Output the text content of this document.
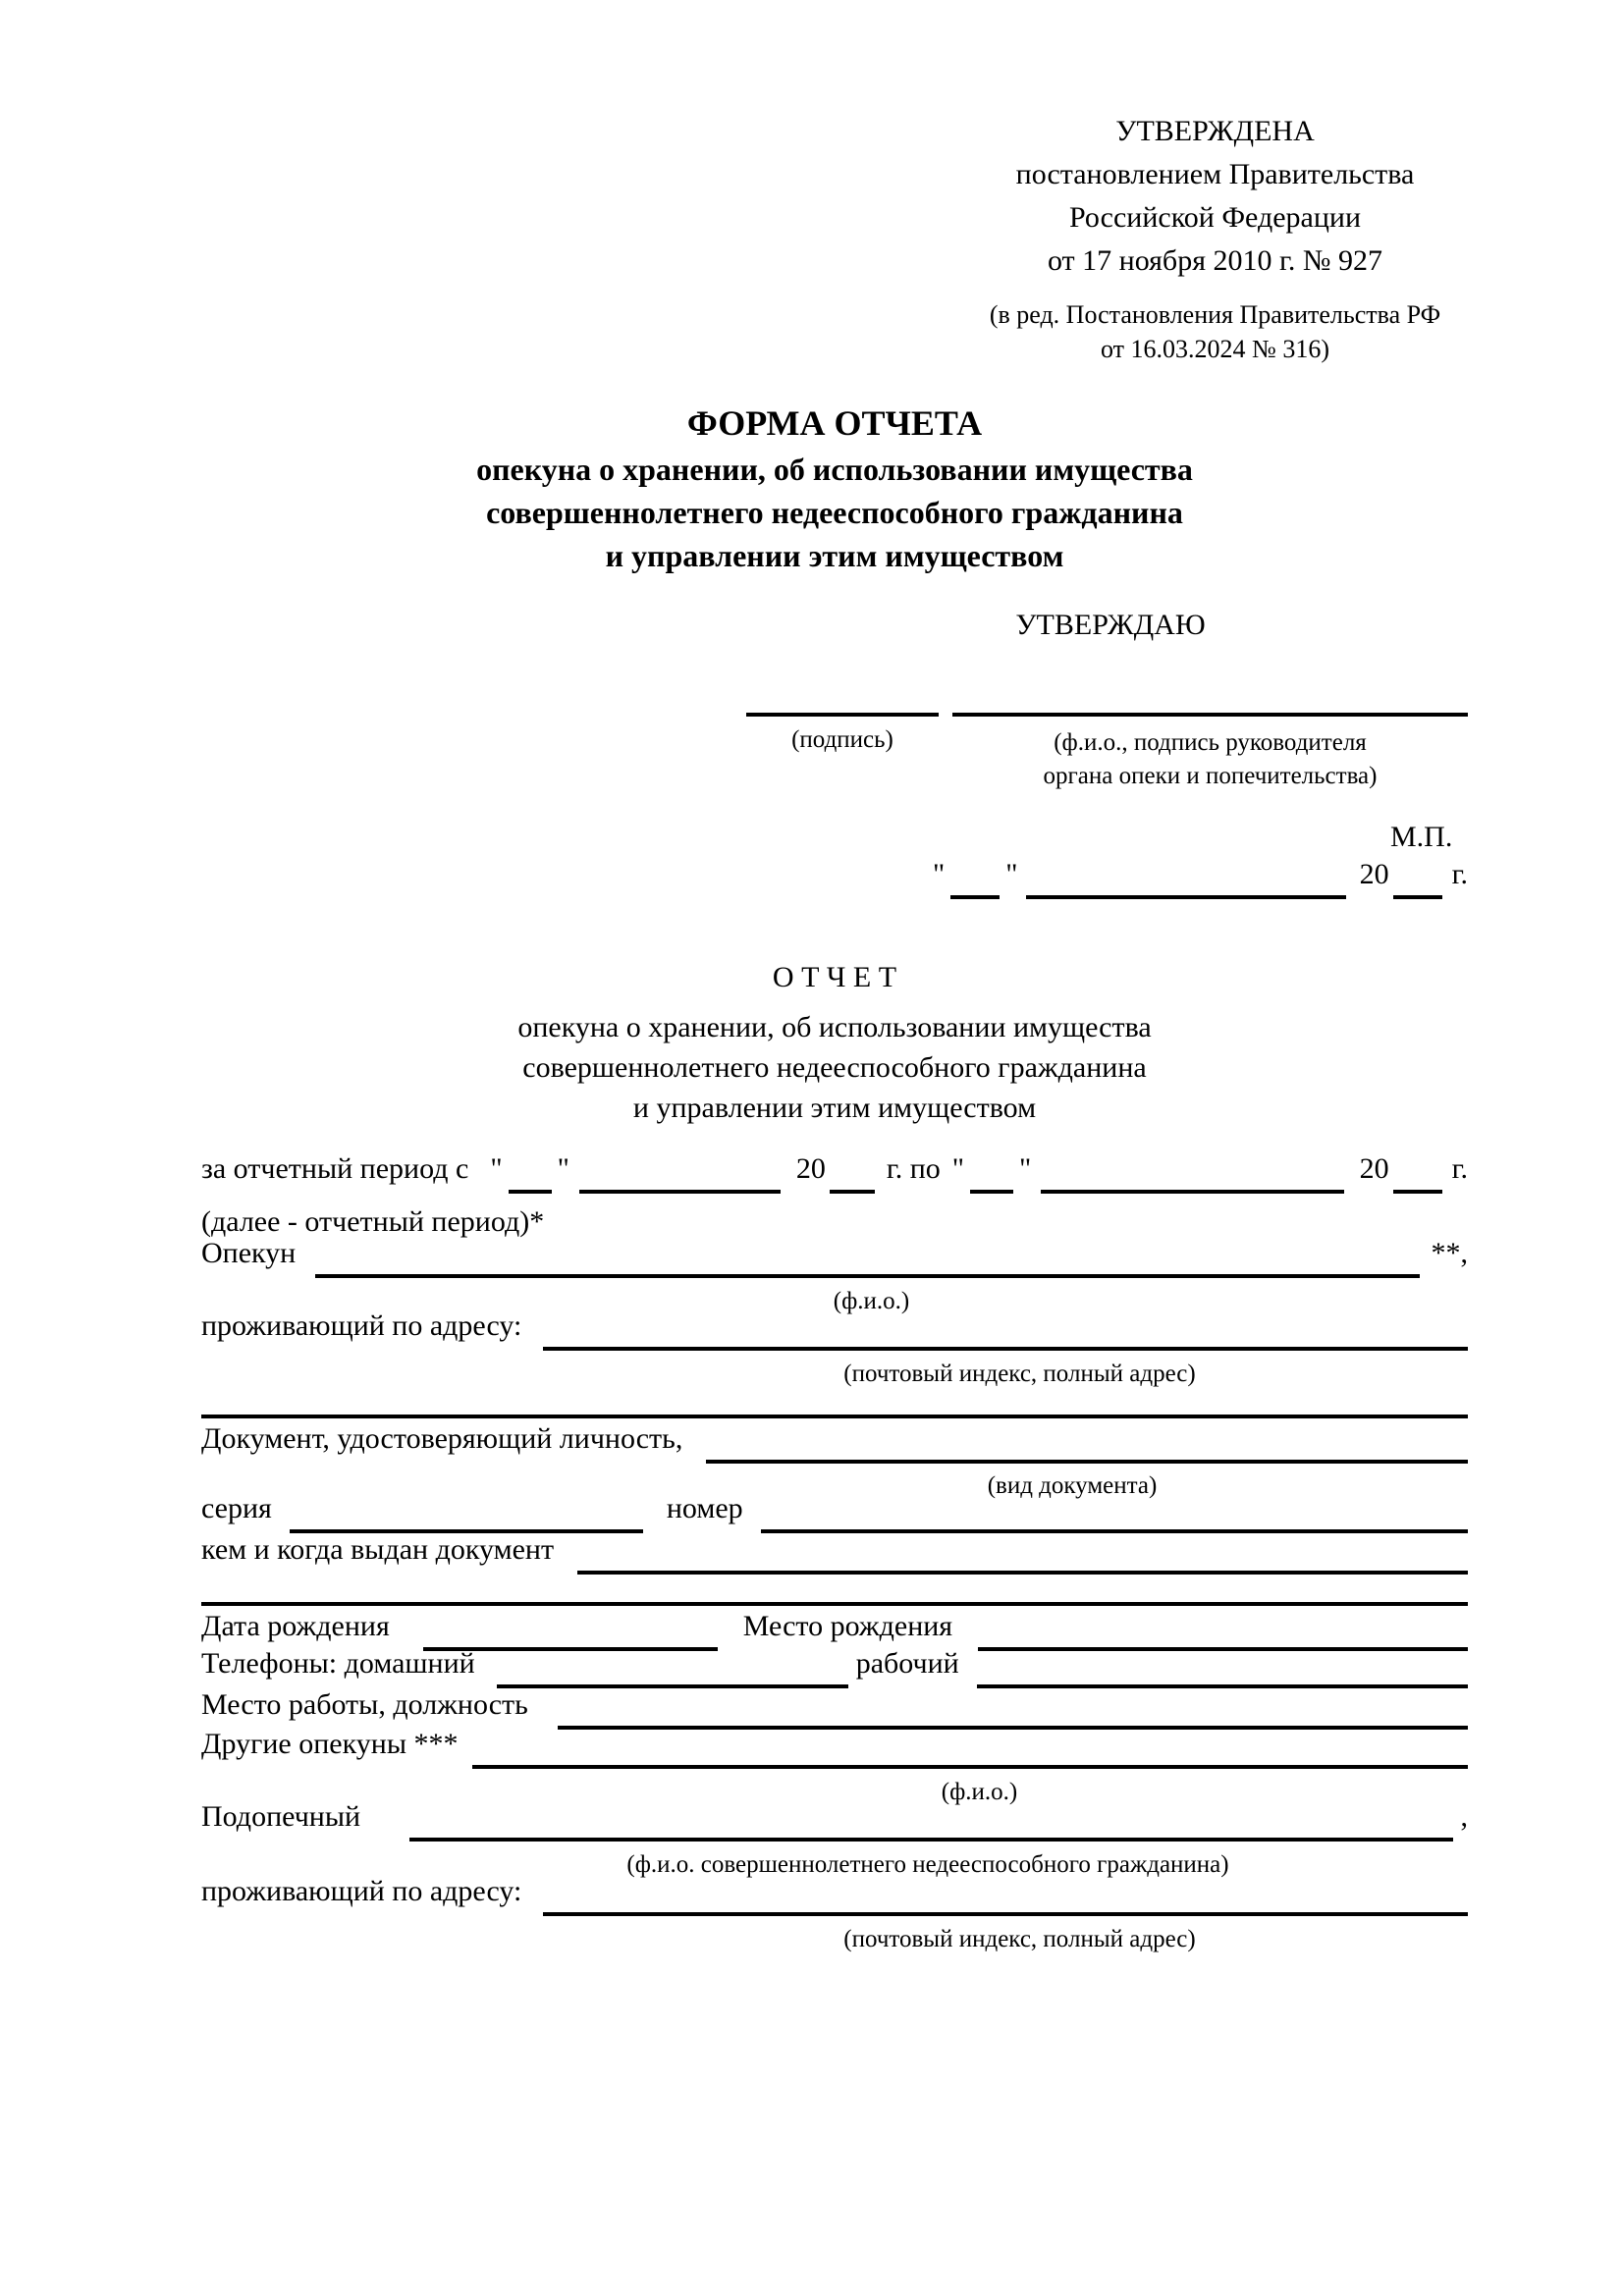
УТВЕРЖДЕНА
постановлением Правительства
Российской Федерации
от 17 ноября 2010 г. № 927
(в ред. Постановления Правительства РФ
от 16.03.2024 № 316)
ФОРМА ОТЧЕТА
опекуна о хранении, об использовании имущества
совершеннолетнего недееспособного гражданина
и управлении этим имуществом
УТВЕРЖДАЮ
(подпись)	(ф.и.о., подпись руководителя
органа опеки и попечительства)
М.П.
" "	20 г.
О Т Ч Е Т
опекуна о хранении, об использовании имущества
совершеннолетнего недееспособного гражданина
и управлении этим имуществом
за отчетный период с " "	20 г. по " "	20 г.
(далее - отчетный период)*
Опекун	**,
(ф.и.о.)
проживающий по адресу:
(почтовый индекс, полный адрес)
Документ, удостоверяющий личность,
(вид документа)
серия	номер
кем и когда выдан документ
Дата рождения	Место рождения
Телефоны: домашний	рабочий
Место работы, должность
Другие опекуны ***
(ф.и.о.)
Подопечный	,
(ф.и.о. совершеннолетнего недееспособного гражданина)
проживающий по адресу:
(почтовый индекс, полный адрес)
